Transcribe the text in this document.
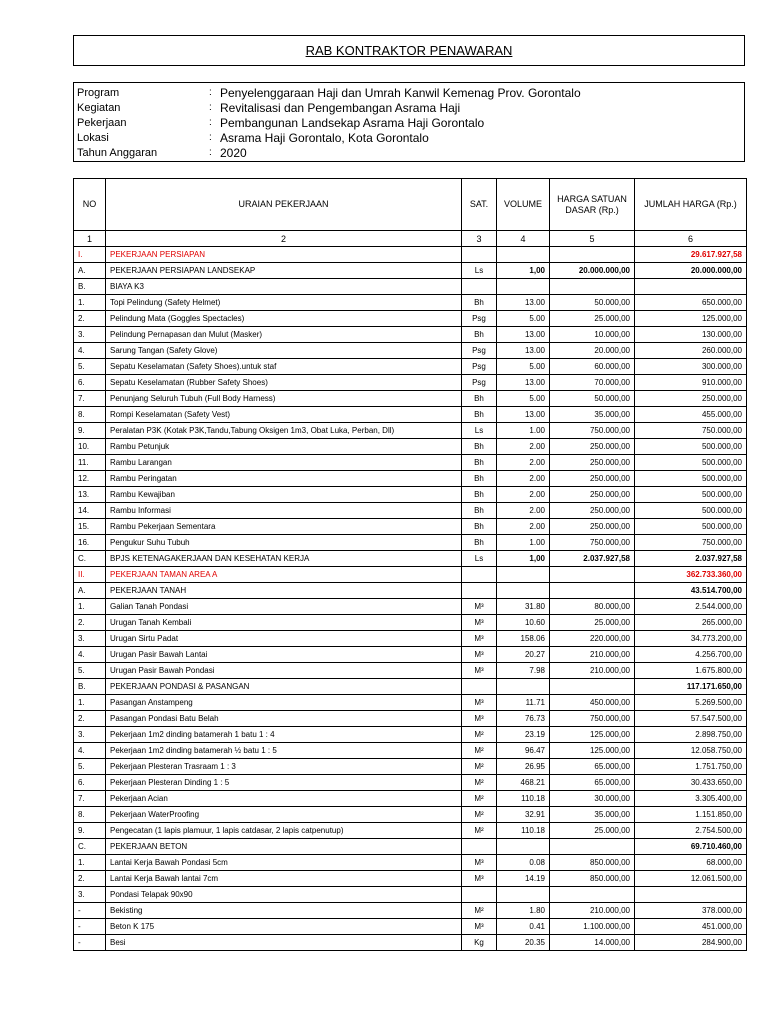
RAB KONTRAKTOR PENAWARAN
Program	: Penyelenggaraan Haji dan Umrah Kanwil Kemenag Prov. Gorontalo
Kegiatan	: Revitalisasi dan Pengembangan Asrama Haji
Pekerjaan	: Pembangunan Landsekap Asrama Haji Gorontalo
Lokasi	: Asrama Haji Gorontalo, Kota Gorontalo
Tahun Anggaran	: 2020
NO	URAIAN PEKERJAAN	SAT.	VOLUME	HARGA SATUAN DASAR (Rp.)	JUMLAH HARGA (Rp.)
1	2	3	4	5	6
I.	PEKERJAAN PERSIAPAN				29.617.927,58
A.	PEKERJAAN PERSIAPAN LANDSEKAP	Ls	1,00	20.000.000,00	20.000.000,00
B.	BIAYA K3				
1.	Topi Pelindung (Safety Helmet)	Bh	13.00	50.000,00	650.000,00
2.	Pelindung Mata (Goggles Spectacles)	Psg	5.00	25.000,00	125.000,00
3.	Pelindung Pernapasan dan Mulut (Masker)	Bh	13.00	10.000,00	130.000,00
4.	Sarung Tangan (Safety Glove)	Psg	13.00	20.000,00	260.000,00
5.	Sepatu Keselamatan (Safety Shoes).untuk staf	Psg	5.00	60.000,00	300.000,00
6.	Sepatu Keselamatan (Rubber Safety Shoes)	Psg	13.00	70.000,00	910.000,00
7.	Penunjang Seluruh Tubuh (Full Body Harness)	Bh	5.00	50.000,00	250.000,00
8.	Rompi Keselamatan (Safety Vest)	Bh	13.00	35.000,00	455.000,00
9.	Peralatan P3K (Kotak P3K,Tandu,Tabung Oksigen 1m3, Obat Luka, Perban, Dll)	Ls	1.00	750.000,00	750.000,00
10.	Rambu Petunjuk	Bh	2.00	250.000,00	500.000,00
11.	Rambu Larangan	Bh	2.00	250.000,00	500.000,00
12.	Rambu Peringatan	Bh	2.00	250.000,00	500.000,00
13.	Rambu Kewajiban	Bh	2.00	250.000,00	500.000,00
14.	Rambu Informasi	Bh	2.00	250.000,00	500.000,00
15.	Rambu Pekerjaan Sementara	Bh	2.00	250.000,00	500.000,00
16.	Pengukur Suhu Tubuh	Bh	1.00	750.000,00	750.000,00
C.	BPJS KETENAGAKERJAAN DAN KESEHATAN KERJA	Ls	1,00	2.037.927,58	2.037.927,58
II.	PEKERJAAN TAMAN AREA A				362.733.360,00
A.	PEKERJAAN TANAH				43.514.700,00
1.	Galian Tanah Pondasi	M³	31.80	80.000,00	2.544.000,00
2.	Urugan Tanah Kembali	M³	10.60	25.000,00	265.000,00
3.	Urugan Sirtu Padat	M³	158.06	220.000,00	34.773.200,00
4.	Urugan Pasir Bawah Lantai	M³	20.27	210.000,00	4.256.700,00
5.	Urugan Pasir Bawah Pondasi	M³	7.98	210.000,00	1.675.800,00
B.	PEKERJAAN PONDASI & PASANGAN				117.171.650,00
1.	Pasangan Anstampeng	M³	11.71	450.000,00	5.269.500,00
2.	Pasangan Pondasi Batu Belah	M³	76.73	750.000,00	57.547.500,00
3.	Pekerjaan 1m2 dinding batamerah 1 batu 1 : 4	M²	23.19	125.000,00	2.898.750,00
4.	Pekerjaan 1m2 dinding batamerah ½ batu 1 : 5	M²	96.47	125.000,00	12.058.750,00
5.	Pekerjaan Plesteran Trasraam 1 : 3	M²	26.95	65.000,00	1.751.750,00
6.	Pekerjaan Plesteran Dinding 1 : 5	M²	468.21	65.000,00	30.433.650,00
7.	Pekerjaan Acian	M²	110.18	30.000,00	3.305.400,00
8.	Pekerjaan WaterProofing	M²	32.91	35.000,00	1.151.850,00
9.	Pengecatan (1 lapis plamuur, 1 lapis catdasar, 2 lapis catpenutup)	M²	110.18	25.000,00	2.754.500,00
C.	PEKERJAAN BETON				69.710.460,00
1.	Lantai Kerja Bawah Pondasi 5cm	M³	0.08	850.000,00	68.000,00
2.	Lantai Kerja Bawah lantai 7cm	M³	14.19	850.000,00	12.061.500,00
3.	Pondasi Telapak 90x90				
-	Bekisting	M²	1.80	210.000,00	378.000,00
-	Beton K 175	M³	0.41	1.100.000,00	451.000,00
-	Besi	Kg	20.35	14.000,00	284.900,00
